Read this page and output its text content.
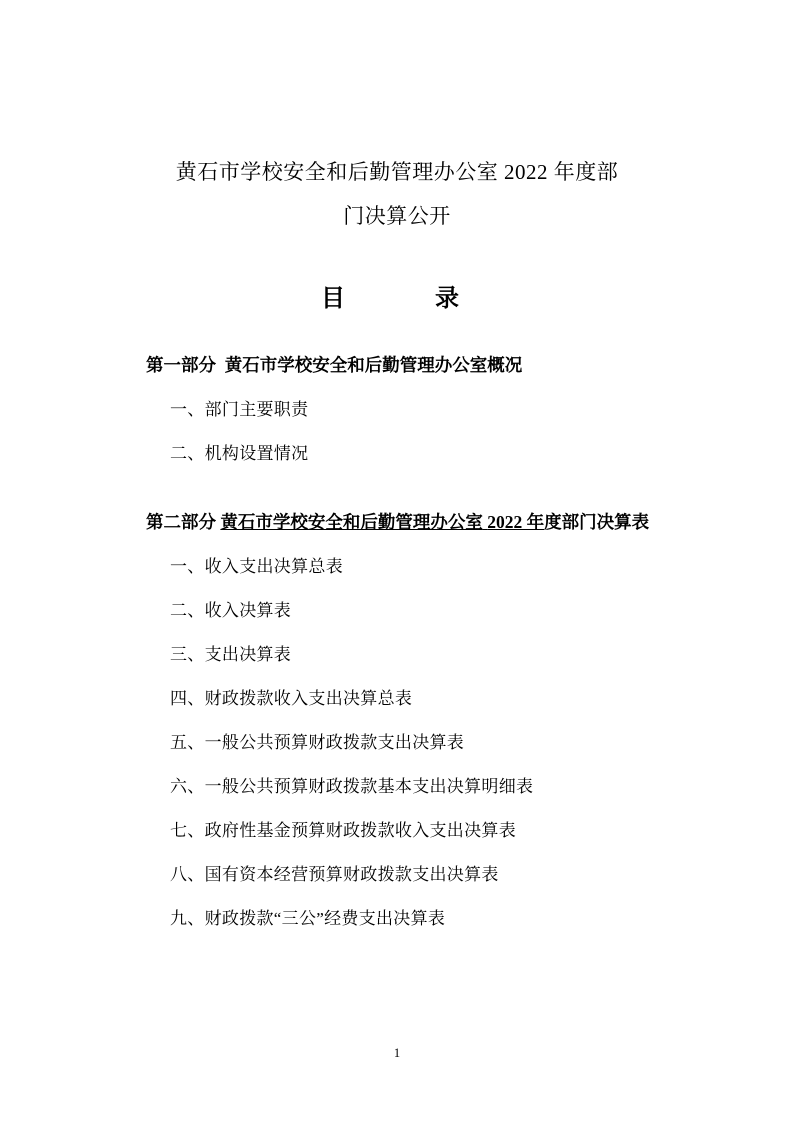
黄石市学校安全和后勤管理办公室 2022 年度部
门决算公开
目　　录
第一部分 黄石市学校安全和后勤管理办公室概况
一、部门主要职责
二、机构设置情况
第二部分 黄石市学校安全和后勤管理办公室 2022 年度部门决算表
一、收入支出决算总表
二、收入决算表
三、支出决算表
四、财政拨款收入支出决算总表
五、一般公共预算财政拨款支出决算表
六、一般公共预算财政拨款基本支出决算明细表
七、政府性基金预算财政拨款收入支出决算表
八、国有资本经营预算财政拨款支出决算表
九、财政拨款“三公”经费支出决算表
1
